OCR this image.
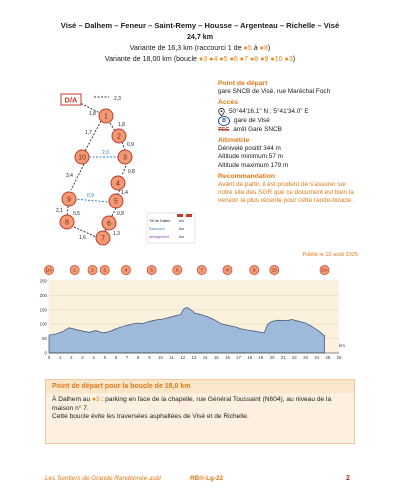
Visé – Dalhem – Feneur – Saint-Remy – Housse – Argenteau – Richelle – Visé
24,7 km
Variante de 16,3 km (raccourci 1 de ●5 à ●8)
Variante de 18,00 km (boucle ●3 ●4 ●5 ●6 ●7 ●8 ●9 ●10 ●3)
D/A
1
2
3
4
5
6
7
8
9
10
2,3
1,8
1,7
1,8
0,9
0,8
1,4
3,4
2,1 0,5	0,8
1,3
1,6
2,0
0,9
Tél de Dalem
Raccourci
Allongement
km
km
km
Point de départ
gare SNCB de Visé, rue Maréchal Foch
Accès
50°44'16.1" N ; 5°41'34.0" E
B	gare de Visé
TEC arrêt Gare SNCB
Altimétrie
Dénivelé positif 344 m
Altitude minimum 57 m
Altitude maximum 179 m
Recommandation
Avant de partir, il est prudent de s'assurer sur notre site des SGR que ce document est bien la version la plus récente pour cette rando-boucle.
Publié le 10 août 2025
DA	1	2 3	4	5	6	7	8	9	10	DA
250
200
150
100
50
0
0 1 2 3 4 5 6 7 8 9 10 11 12 13 14 15 16 17 18 19 20 21 22 23 24 25 26
km
Point de départ pour la boucle de 18,0 km
À Dalhem au ●3 : parking en face de la chapelle, rue Général Toussaint (N604), au niveau de la maison n° 7.
Cette boucle évite les traversées asphaltées de Visé et de Richelle.
Les Sentiers de Grande Randonnée asbl	RB®-Lg-22	2
